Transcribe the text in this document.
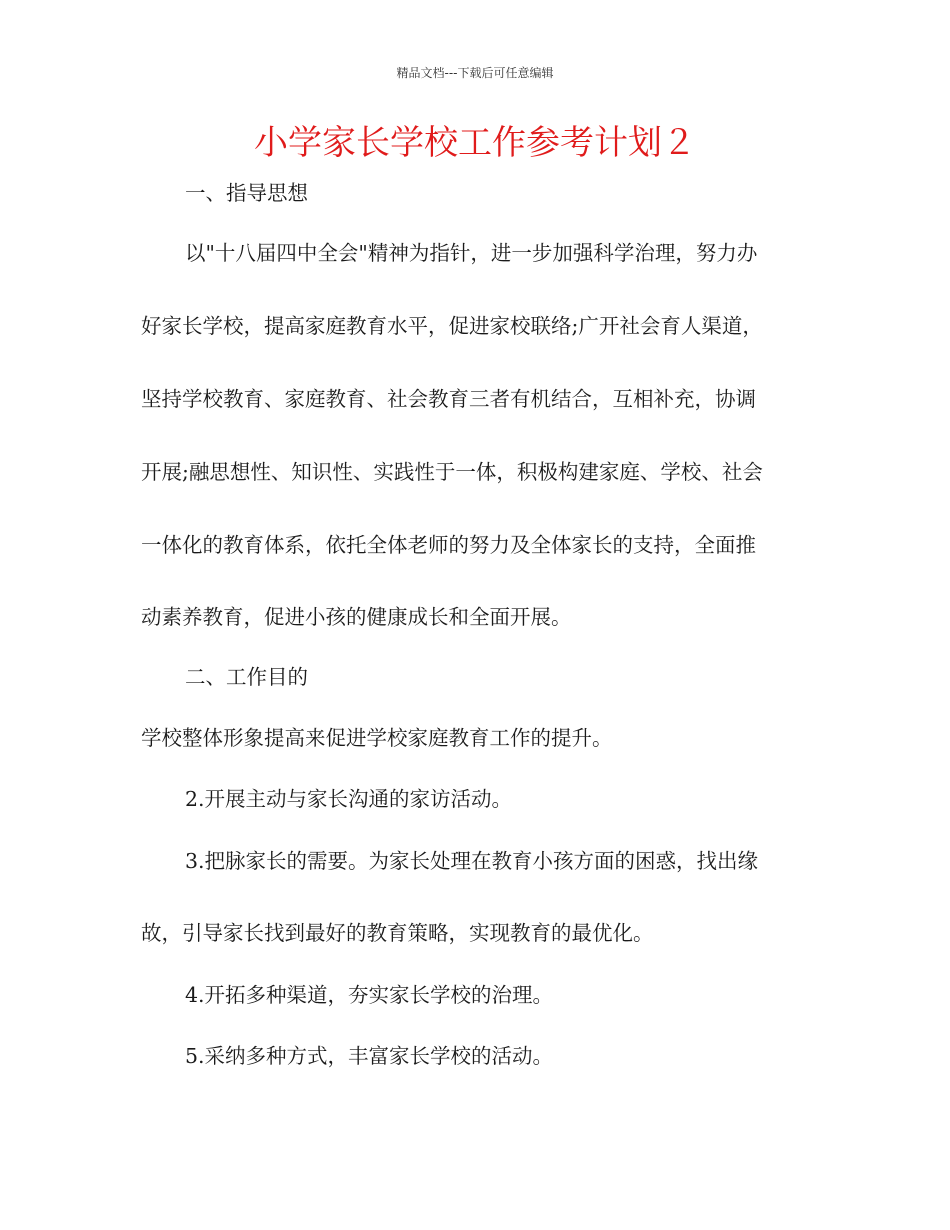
精品文档---下载后可任意编辑
小学家长学校工作参考计划２
一、指导思想
以"十八届四中全会"精神为指针，进一步加强科学治理，努力办
好家长学校，提高家庭教育水平，促进家校联络;广开社会育人渠道，
坚持学校教育、家庭教育、社会教育三者有机结合，互相补充，协调
开展;融思想性、知识性、实践性于一体，积极构建家庭、学校、社会
一体化的教育体系，依托全体老师的努力及全体家长的支持，全面推
动素养教育，促进小孩的健康成长和全面开展。
二、工作目的
学校整体形象提高来促进学校家庭教育工作的提升。
2.开展主动与家长沟通的家访活动。
3.把脉家长的需要。为家长处理在教育小孩方面的困惑，找出缘
故，引导家长找到最好的教育策略，实现教育的最优化。
4.开拓多种渠道，夯实家长学校的治理。
5.采纳多种方式，丰富家长学校的活动。
